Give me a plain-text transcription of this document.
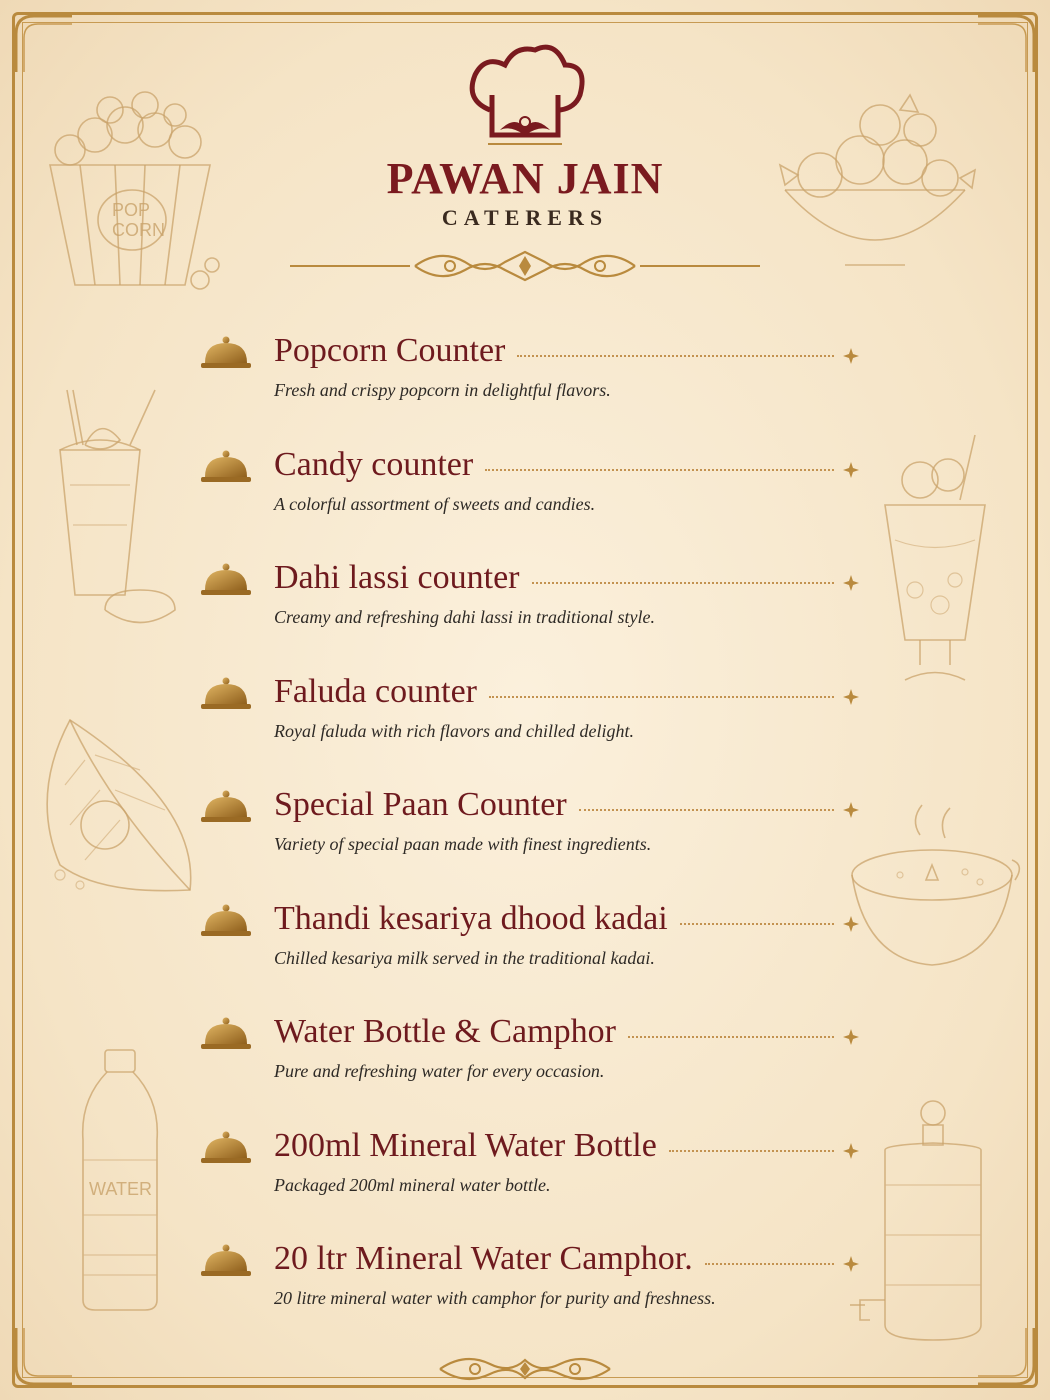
POP CORN
WATER
PAWAN JAIN
CATERERS
Popcorn Counter
Fresh and crispy popcorn in delightful flavors.
Candy counter
A colorful assortment of sweets and candies.
Dahi lassi counter
Creamy and refreshing dahi lassi in traditional style.
Faluda counter
Royal faluda with rich flavors and chilled delight.
Special Paan Counter
Variety of special paan made with finest ingredients.
Thandi kesariya dhood kadai
Chilled kesariya milk served in the traditional kadai.
Water Bottle & Camphor
Pure and refreshing water for every occasion.
200ml Mineral Water Bottle
Packaged 200ml mineral water bottle.
20 ltr Mineral Water Camphor.
20 litre mineral water with camphor for purity and freshness.
